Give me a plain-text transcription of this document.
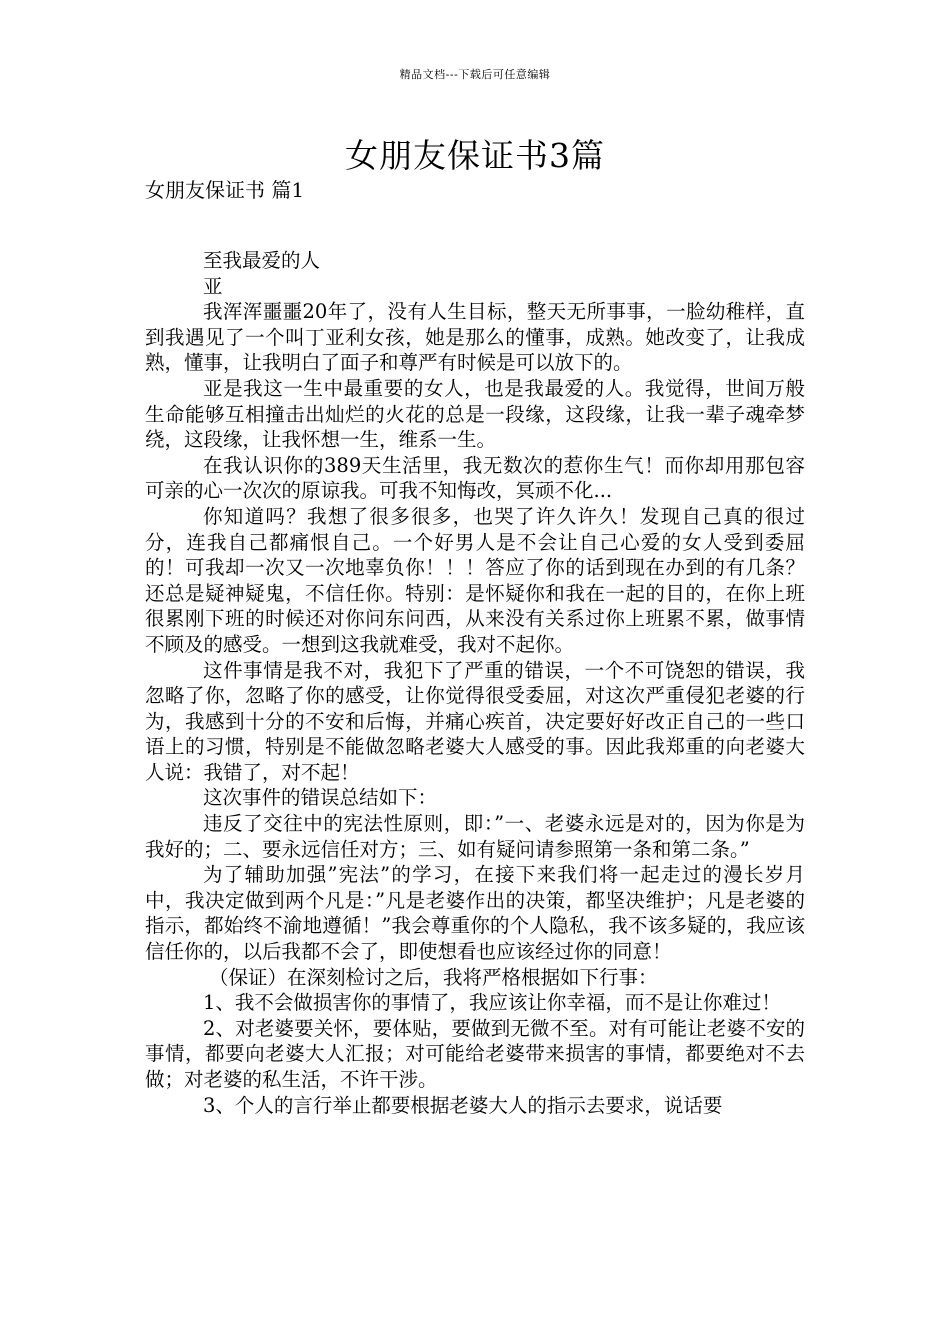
精品文档---下载后可任意编辑
女朋友保证书3篇
女朋友保证书 篇1

至我最爱的人

亚

我浑浑噩噩20年了，没有人生目标，整天无所事事，一脸幼稚样，直到我遇见了一个叫丁亚利女孩，她是那么的懂事，成熟。她改变了，让我成熟，懂事，让我明白了面子和尊严有时候是可以放下的。

亚是我这一生中最重要的女人，也是我最爱的人。我觉得，世间万般生命能够互相撞击出灿烂的火花的总是一段缘，这段缘，让我一辈子魂牵梦绕，这段缘，让我怀想一生，维系一生。

在我认识你的389天生活里，我无数次的惹你生气！而你却用那包容可亲的心一次次的原谅我。可我不知悔改，冥顽不化...

你知道吗？我想了很多很多，也哭了许久许久！发现自己真的很过分，连我自己都痛恨自己。一个好男人是不会让自己心爱的女人受到委屈的！可我却一次又一次地辜负你！！！答应了你的话到现在办到的有几条？还总是疑神疑鬼，不信任你。特别：是怀疑你和我在一起的目的，在你上班很累刚下班的时候还对你问东问西，从来没有关系过你上班累不累，做事情不顾及的感受。一想到这我就难受，我对不起你。

这件事情是我不对，我犯下了严重的错误，一个不可饶恕的错误，我忽略了你，忽略了你的感受，让你觉得很受委屈，对这次严重侵犯老婆的行为，我感到十分的不安和后悔，并痛心疾首，决定要好好改正自己的一些口语上的习惯，特别是不能做忽略老婆大人感受的事。因此我郑重的向老婆大人说：我错了，对不起！

这次事件的错误总结如下：

违反了交往中的宪法性原则，即：”一、老婆永远是对的，因为你是为我好的；二、要永远信任对方；三、如有疑问请参照第一条和第二条。”

为了辅助加强”宪法”的学习，在接下来我们将一起走过的漫长岁月中，我决定做到两个凡是：”凡是老婆作出的决策，都坚决维护；凡是老婆的指示，都始终不渝地遵循！”我会尊重你的个人隐私，我不该多疑的，我应该信任你的，以后我都不会了，即使想看也应该经过你的同意！

（保证）在深刻检讨之后，我将严格根据如下行事：

1、我不会做损害你的事情了，我应该让你幸福，而不是让你难过！

2、对老婆要关怀，要体贴，要做到无微不至。对有可能让老婆不安的事情，都要向老婆大人汇报；对可能给老婆带来损害的事情，都要绝对不去做；对老婆的私生活，不许干涉。

3、个人的言行举止都要根据老婆大人的指示去要求，说话要
